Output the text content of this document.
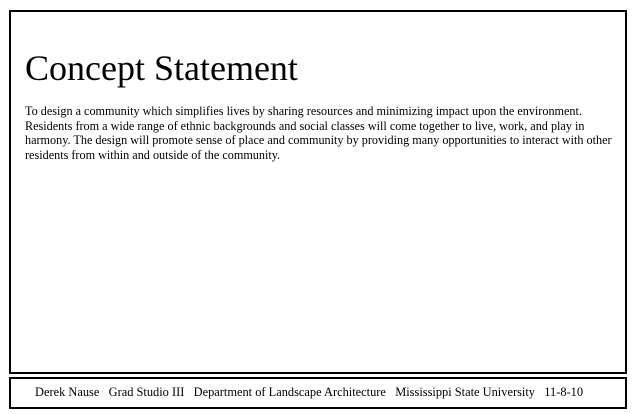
Concept Statement

To design a community which simplifies lives by sharing resources and minimizing impact upon the environment. Residents from a wide range of ethnic backgrounds and social classes will come together to live, work, and play in harmony. The design will promote sense of place and community by providing many opportunities to interact with other residents from within and outside of the community.

Derek Nause   Grad Studio III   Department of Landscape Architecture   Mississippi State University   11-8-10
